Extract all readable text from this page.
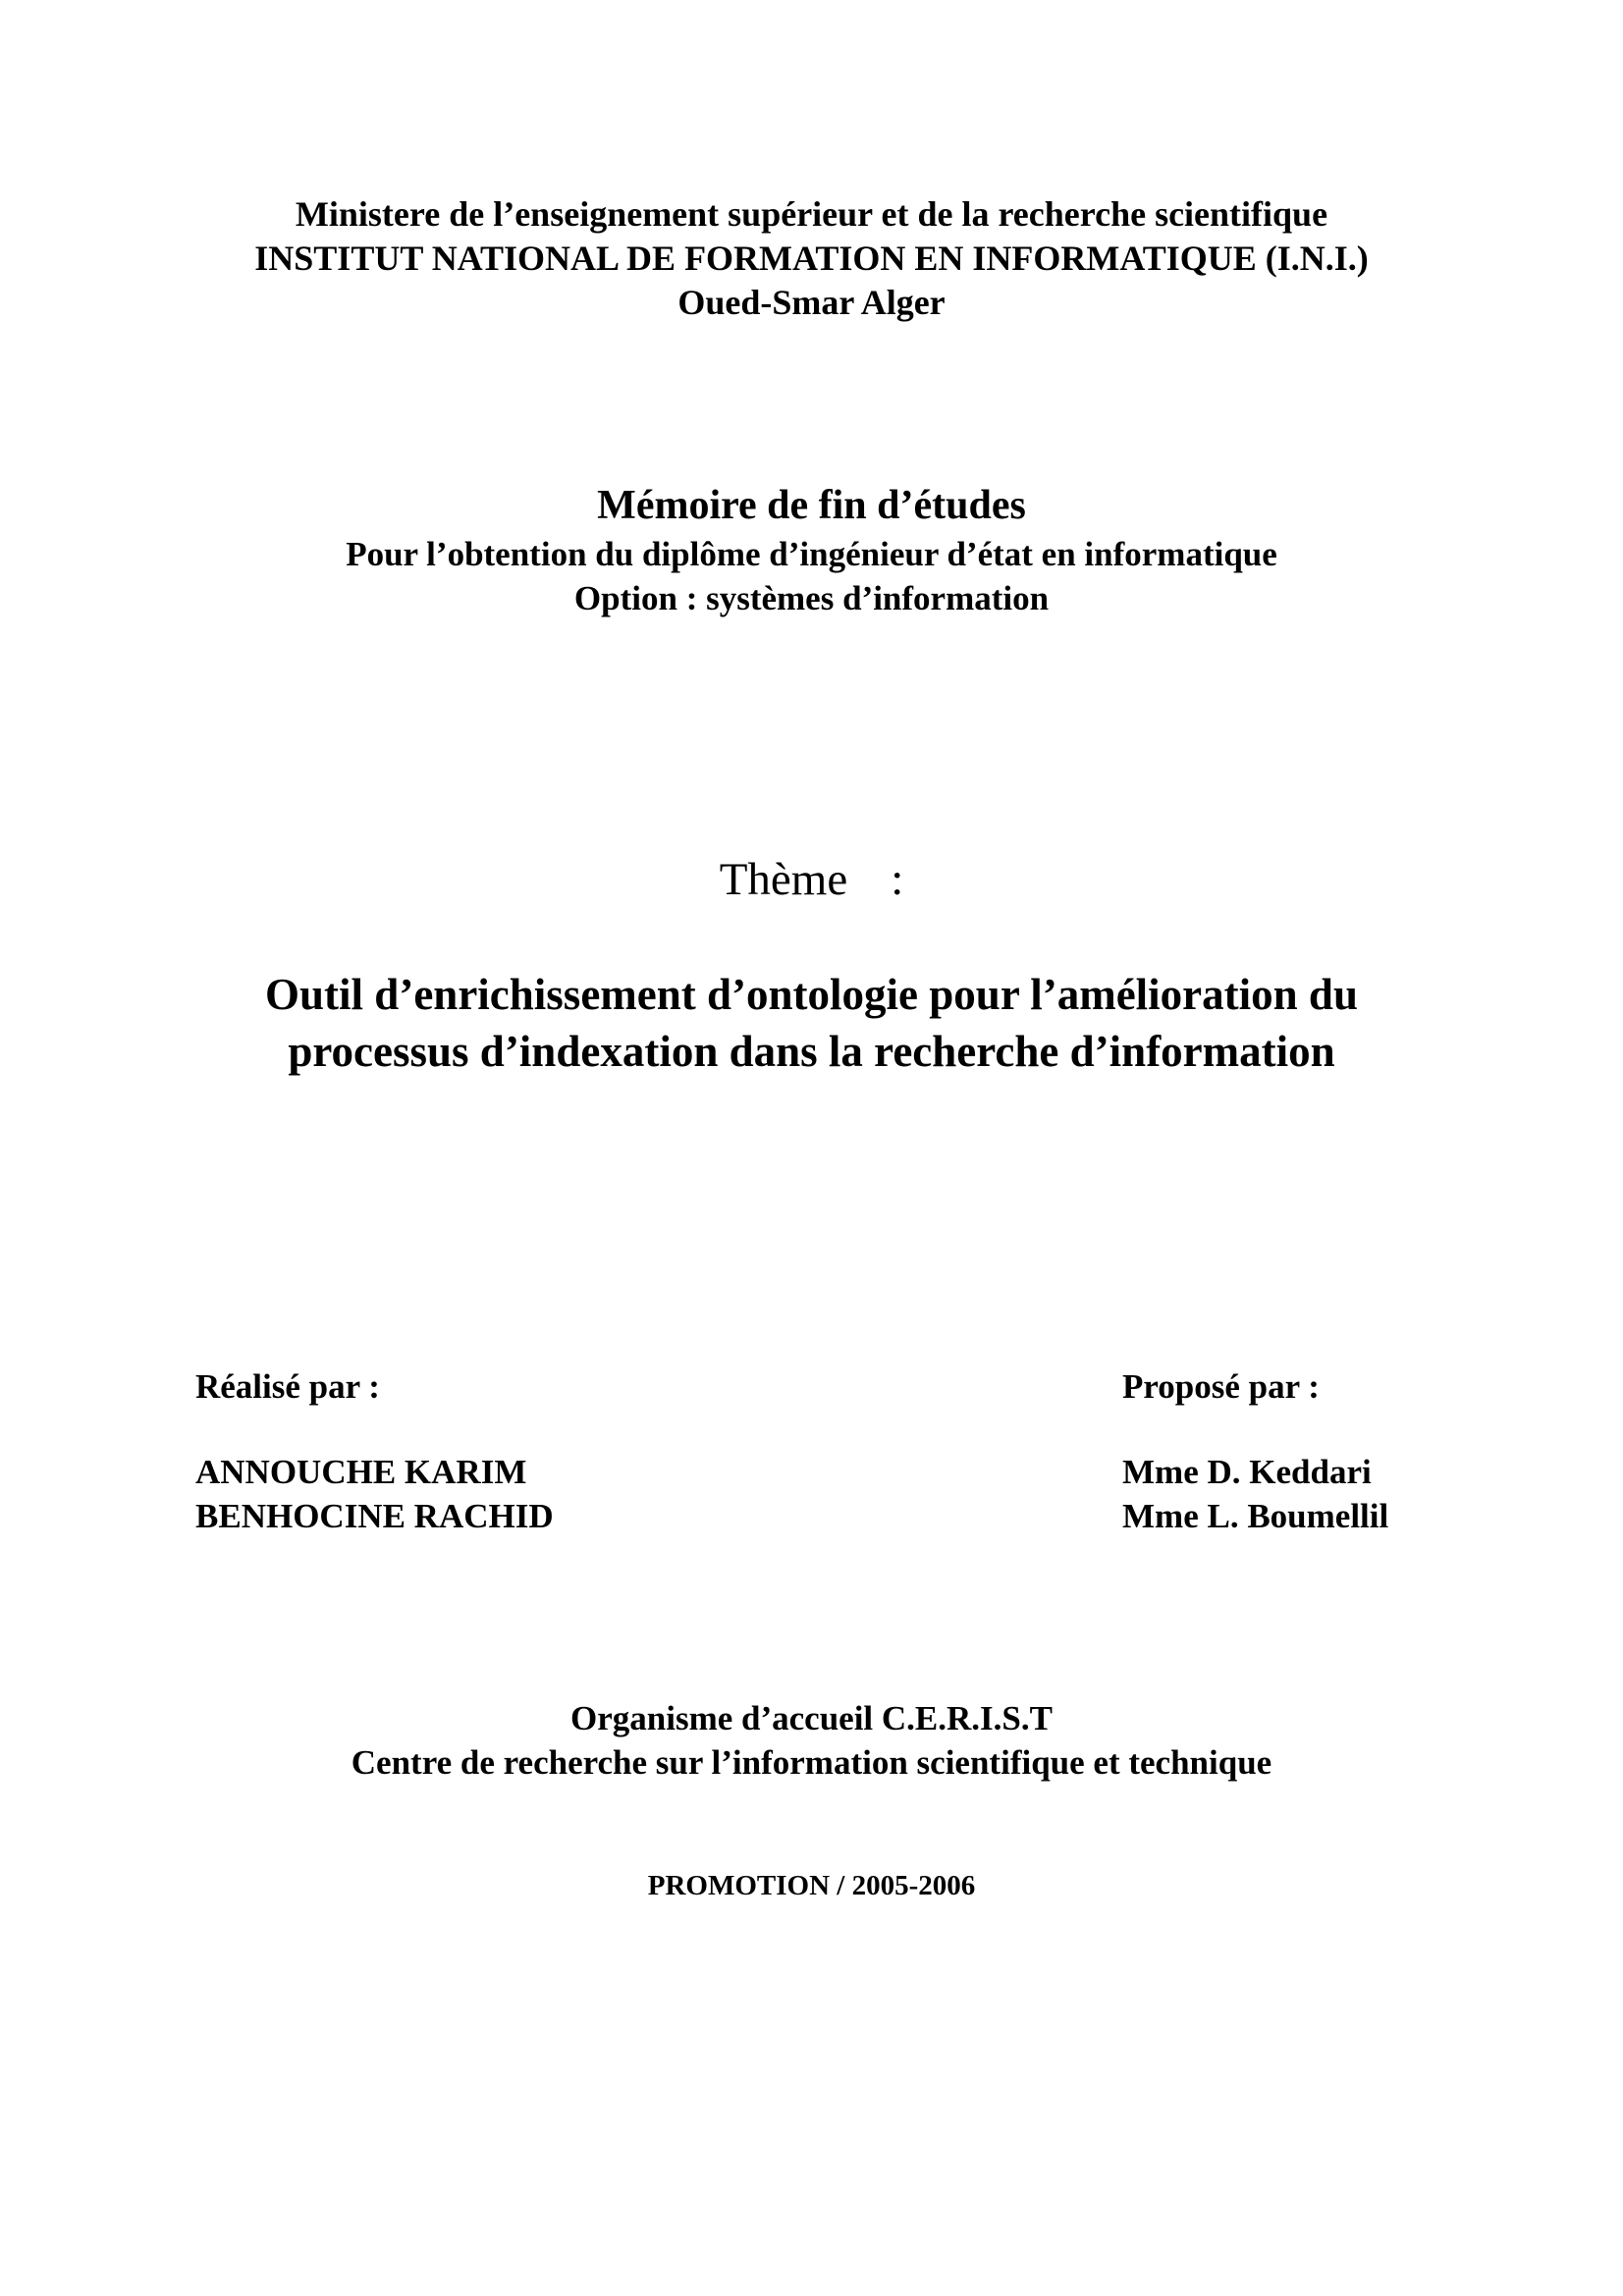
Ministere de l’enseignement supérieur et de la recherche scientifique
INSTITUT NATIONAL DE FORMATION EN INFORMATIQUE (I.N.I.)
Oued-Smar Alger
Mémoire de fin d’études
Pour l’obtention du diplôme d’ingénieur d’état en informatique
Option : systèmes d’information
Thème :
Outil d’enrichissement d’ontologie pour l’amélioration du
processus d’indexation dans la recherche d’information
Réalisé par :
ANNOUCHE KARIM
BENHOCINE RACHID
Proposé par :
Mme D. Keddari
Mme L. Boumellil
Organisme d’accueil C.E.R.I.S.T
Centre de recherche sur l’information scientifique et technique
PROMOTION / 2005-2006
